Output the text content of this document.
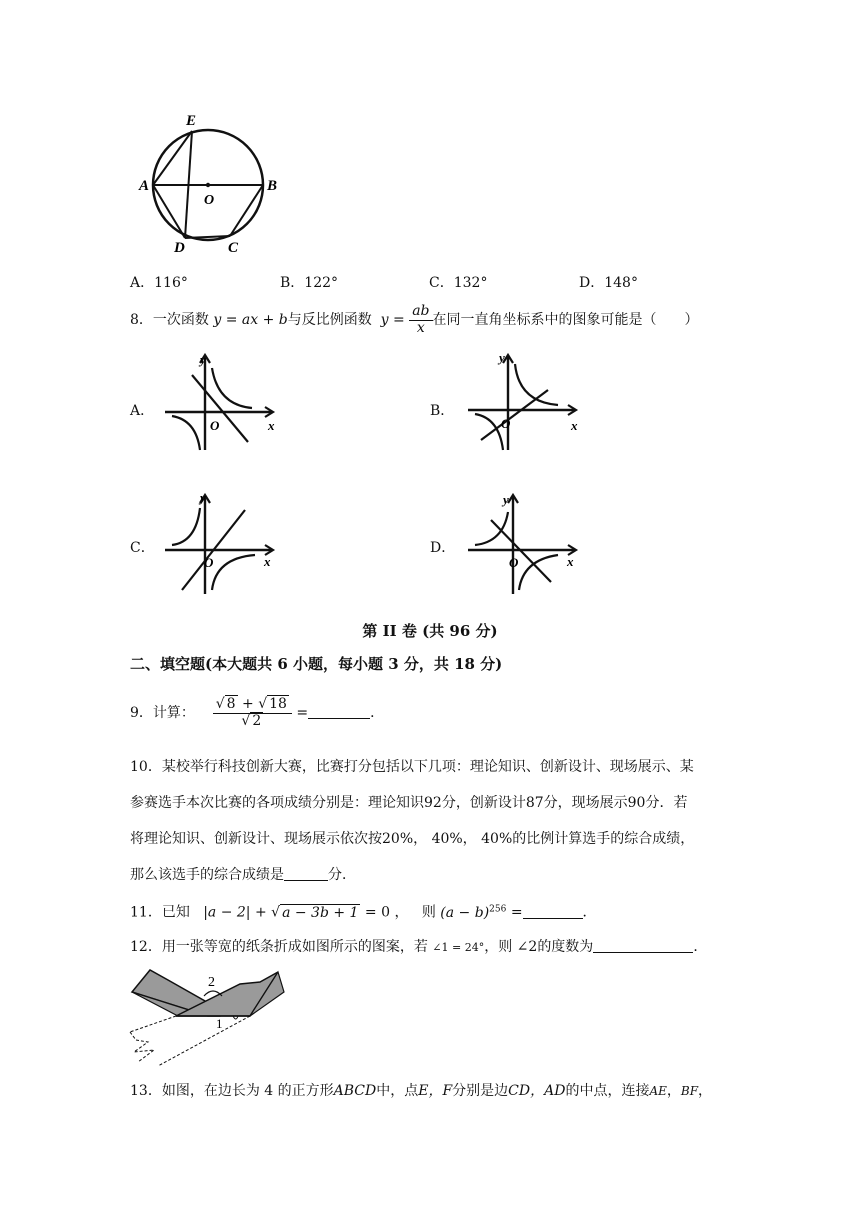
E
A	B
O
D	C
A．116°	B．122°	C．132°	D．148°
8．一次函数 y = ax + b与反比例函数 $y = \frac{ab}{x}$ 在同一直角坐标系中的图象可能是（　　）
A．	B．
C．	D．
y
x
O
y
x
O
y
x
O
y
x
O
第 II 卷 (共 96 分)
二、填空题(本大题共 6 小题，每小题 3 分，共 18 分)
9．计算： $\frac{√ 8 + √ 18}{√ 2}$ =	．
10．某校举行科技创新大赛，比赛打分包括以下几项：理论知识、创新设计、现场展示、某
参赛选手本次比赛的各项成绩分别是：理论知识92分，创新设计87分，现场展示90分．若
将理论知识、创新设计、现场展示依次按20%， 40%， 40%的比例计算选手的综合成绩，
那么该选手的综合成绩是	分．
11．已知 |a − 2| + √ a − 3b + 1 = 0 ， 则 $(a - b)^{256}$ =	．
12．用一张等宽的纸条折成如图所示的图案，若 ∠1 = 24°，则 ∠2的度数为	．
2
1
13．如图，在边长为 4 的正方形ABCD中，点E，F分别是边CD，AD的中点，连接AE，BF，
